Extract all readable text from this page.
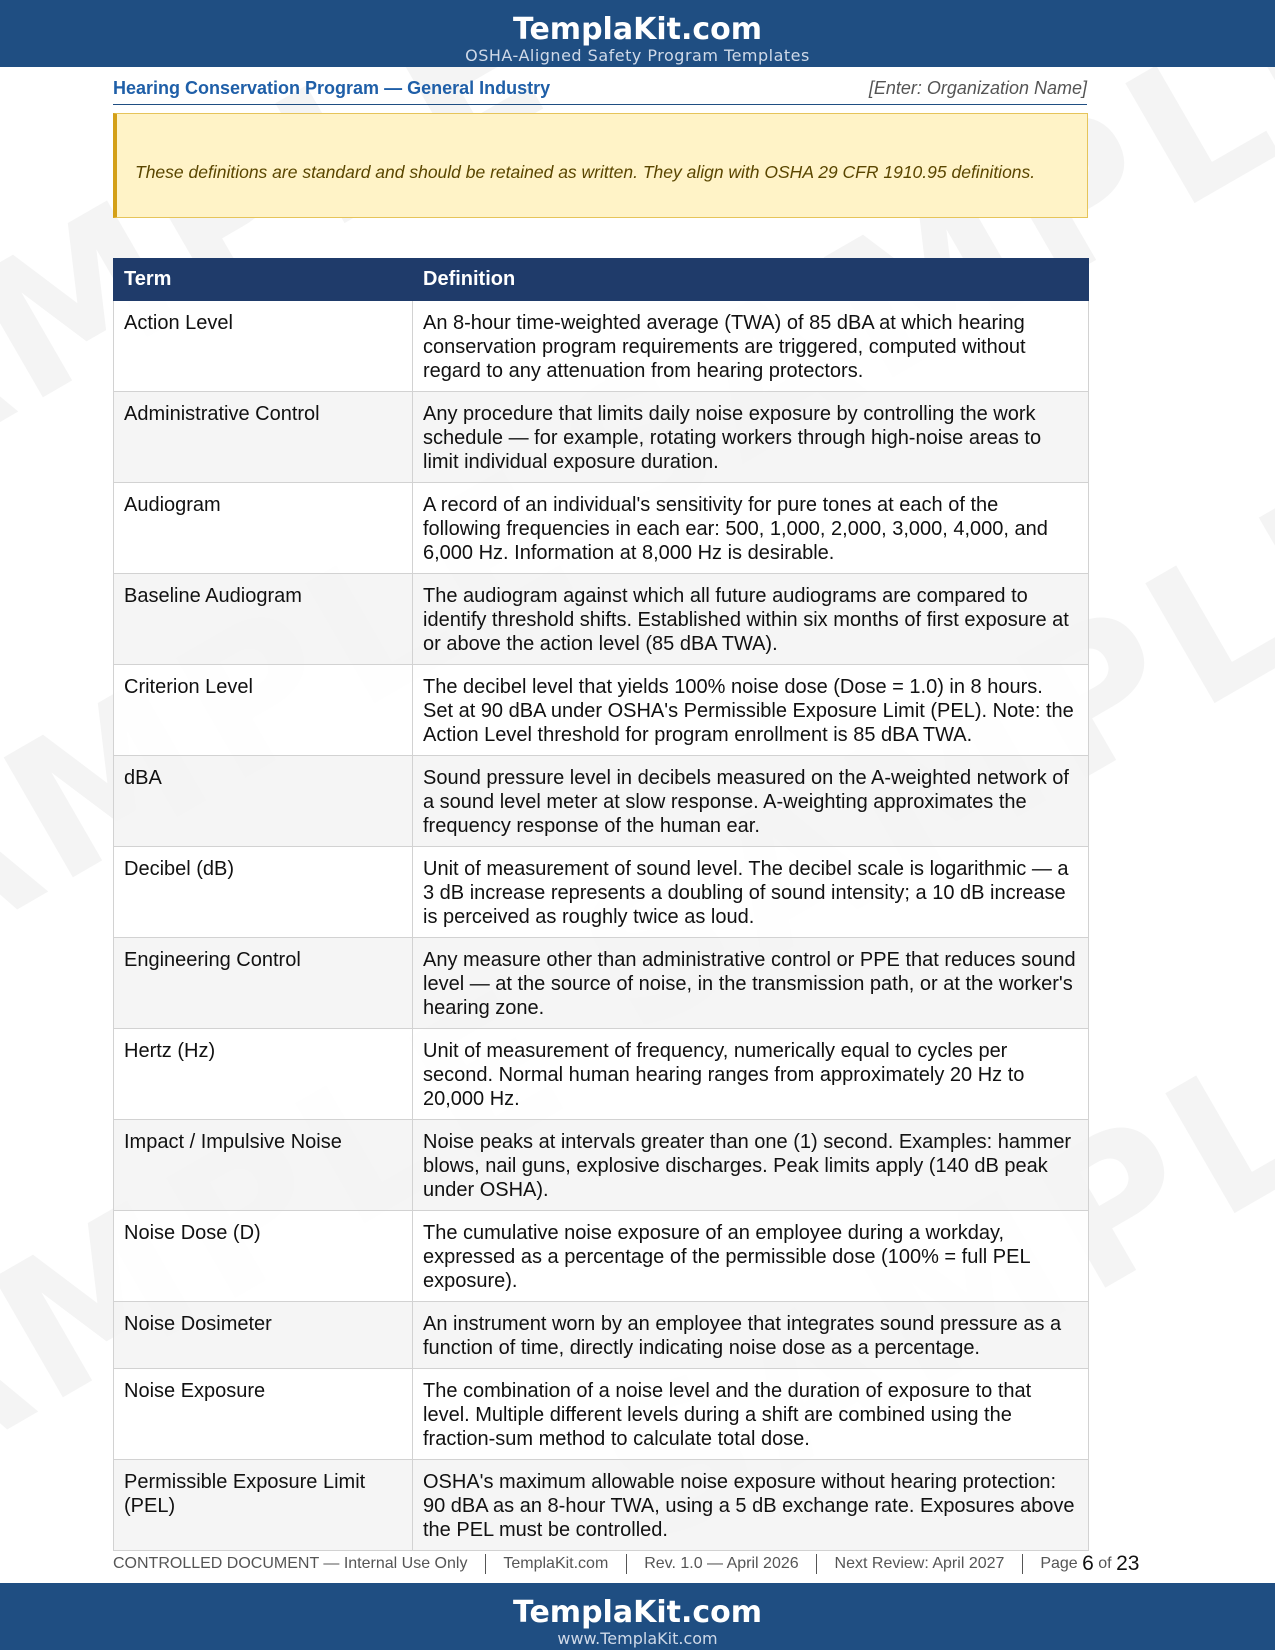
TemplaKit.com
OSHA-Aligned Safety Program Templates
Hearing Conservation Program — General Industry	[Enter: Organization Name]
These definitions are standard and should be retained as written. They align with OSHA 29 CFR 1910.95 definitions.
Term	Definition
Action Level	An 8-hour time-weighted average (TWA) of 85 dBA at which hearing conservation program requirements are triggered, computed without regard to any attenuation from hearing protectors.
Administrative Control	Any procedure that limits daily noise exposure by controlling the work schedule — for example, rotating workers through high-noise areas to limit individual exposure duration.
Audiogram	A record of an individual's sensitivity for pure tones at each of the following frequencies in each ear: 500, 1,000, 2,000, 3,000, 4,000, and 6,000 Hz. Information at 8,000 Hz is desirable.
Baseline Audiogram	The audiogram against which all future audiograms are compared to identify threshold shifts. Established within six months of first exposure at or above the action level (85 dBA TWA).
Criterion Level	The decibel level that yields 100% noise dose (Dose = 1.0) in 8 hours. Set at 90 dBA under OSHA's Permissible Exposure Limit (PEL). Note: the Action Level threshold for program enrollment is 85 dBA TWA.
dBA	Sound pressure level in decibels measured on the A-weighted network of a sound level meter at slow response. A-weighting approximates the frequency response of the human ear.
Decibel (dB)	Unit of measurement of sound level. The decibel scale is logarithmic — a 3 dB increase represents a doubling of sound intensity; a 10 dB increase is perceived as roughly twice as loud.
Engineering Control	Any measure other than administrative control or PPE that reduces sound level — at the source of noise, in the transmission path, or at the worker's hearing zone.
Hertz (Hz)	Unit of measurement of frequency, numerically equal to cycles per second. Normal human hearing ranges from approximately 20 Hz to 20,000 Hz.
Impact / Impulsive Noise	Noise peaks at intervals greater than one (1) second. Examples: hammer blows, nail guns, explosive discharges. Peak limits apply (140 dB peak under OSHA).
Noise Dose (D)	The cumulative noise exposure of an employee during a workday, expressed as a percentage of the permissible dose (100% = full PEL exposure).
Noise Dosimeter	An instrument worn by an employee that integrates sound pressure as a function of time, directly indicating noise dose as a percentage.
Noise Exposure	The combination of a noise level and the duration of exposure to that level. Multiple different levels during a shift are combined using the fraction-sum method to calculate total dose.
Permissible Exposure Limit (PEL)	OSHA's maximum allowable noise exposure without hearing protection: 90 dBA as an 8-hour TWA, using a 5 dB exchange rate. Exposures above the PEL must be controlled.
CONTROLLED DOCUMENT — Internal Use Only TemplaKit.com Rev. 1.0 — April 2026 Next Review: April 2027 Page 6 of 23
TemplaKit.com
www.TemplaKit.com
